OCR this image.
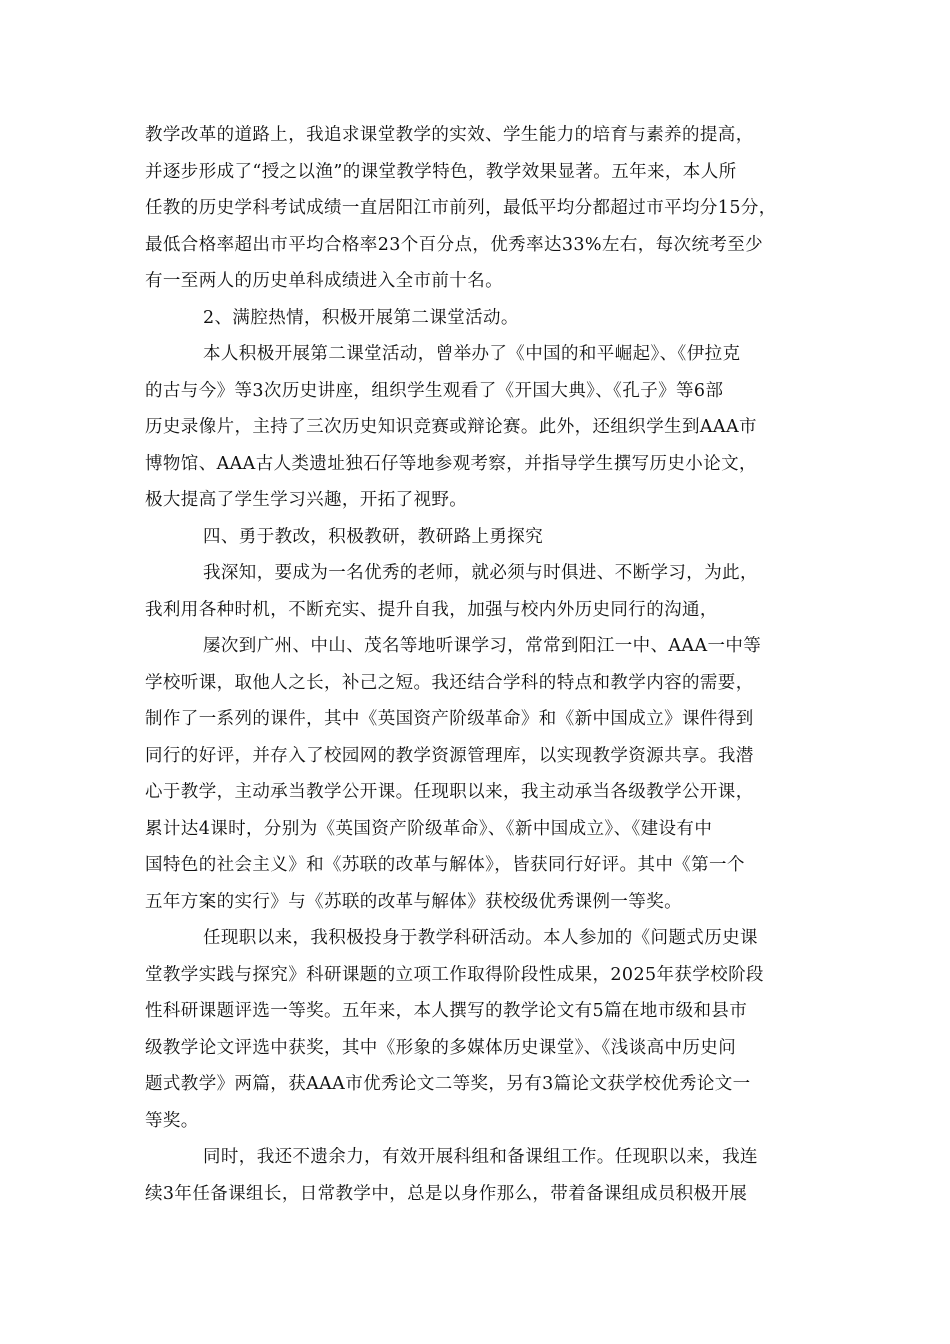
教学改革的道路上，我追求课堂教学的实效、学生能力的培育与素养的提高，
并逐步形成了“授之以渔”的课堂教学特色，教学效果显著。五年来，本人所
任教的历史学科考试成绩一直居阳江市前列，最低平均分都超过市平均分15分，
最低合格率超出市平均合格率23个百分点，优秀率达33%左右，每次统考至少
有一至两人的历史单科成绩进入全市前十名。
2、满腔热情，积极开展第二课堂活动。
本人积极开展第二课堂活动，曾举办了《中国的和平崛起》、《伊拉克
的古与今》等3次历史讲座，组织学生观看了《开国大典》、《孔子》等6部
历史录像片，主持了三次历史知识竞赛或辩论赛。此外，还组织学生到AAA市
博物馆、AAA古人类遗址独石仔等地参观考察，并指导学生撰写历史小论文，
极大提高了学生学习兴趣，开拓了视野。
四、勇于教改，积极教研，教研路上勇探究
我深知，要成为一名优秀的老师，就必须与时俱进、不断学习，为此，
我利用各种时机，不断充实、提升自我，加强与校内外历史同行的沟通，
屡次到广州、中山、茂名等地听课学习，常常到阳江一中、AAA一中等
学校听课，取他人之长，补己之短。我还结合学科的特点和教学内容的需要，
制作了一系列的课件，其中《英国资产阶级革命》和《新中国成立》课件得到
同行的好评，并存入了校园网的教学资源管理库，以实现教学资源共享。我潜
心于教学，主动承当教学公开课。任现职以来，我主动承当各级教学公开课，
累计达4课时，分别为《英国资产阶级革命》、《新中国成立》、《建设有中
国特色的社会主义》和《苏联的改革与解体》，皆获同行好评。其中《第一个
五年方案的实行》与《苏联的改革与解体》获校级优秀课例一等奖。
任现职以来，我积极投身于教学科研活动。本人参加的《问题式历史课
堂教学实践与探究》科研课题的立项工作取得阶段性成果，2025年获学校阶段
性科研课题评选一等奖。五年来，本人撰写的教学论文有5篇在地市级和县市
级教学论文评选中获奖，其中《形象的多媒体历史课堂》、《浅谈高中历史问
题式教学》两篇，获AAA市优秀论文二等奖，另有3篇论文获学校优秀论文一
等奖。
同时，我还不遗余力，有效开展科组和备课组工作。任现职以来，我连
续3年任备课组长，日常教学中，总是以身作那么，带着备课组成员积极开展
